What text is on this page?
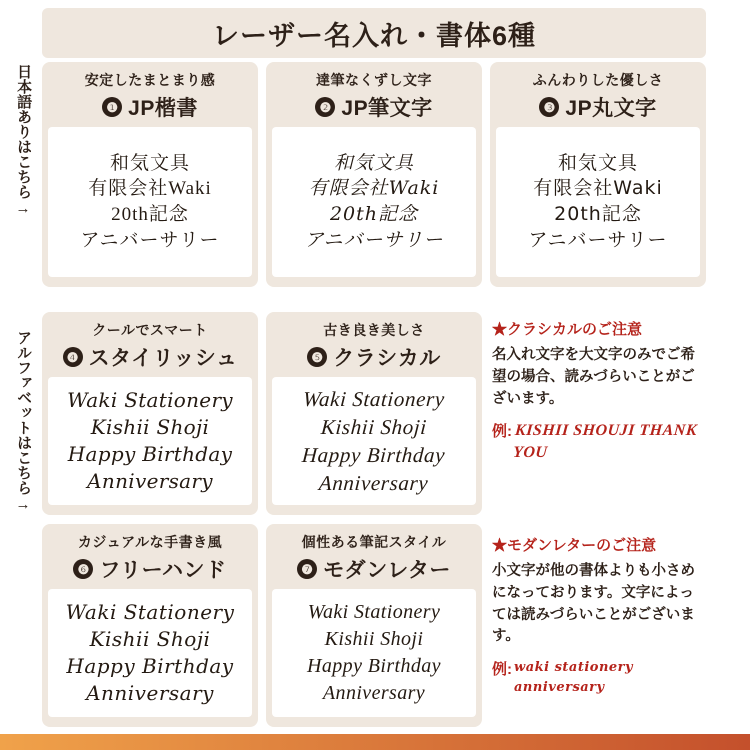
レーザー名入れ・書体6種
日本語ありはこちら
→
アルファベットはこちら
→
安定したまとまり感
❶ JP楷書
和気文具
有限会社Waki
20th記念
アニバーサリー
達筆なくずし文字
❷ JP筆文字
和気文具
有限会社Waki
20th記念
アニバーサリー
ふんわりした優しさ
❸ JP丸文字
和気文具
有限会社Waki
20th記念
アニバーサリー
クールでスマート
❹ スタイリッシュ
Waki Stationery
Kishii Shoji
Happy Birthday
Anniversary
古き良き美しさ
❺ クラシカル
Waki Stationery
Kishii Shoji
Happy Birthday
Anniversary
★クラシカルのご注意
名入れ文字を大文字のみでご希望の場合、読みづらいことがございます。
例: KISHII SHOUJI THANK YOU
カジュアルな手書き風
❻ フリーハンド
Waki Stationery
Kishii Shoji
Happy Birthday
Anniversary
個性ある筆記スタイル
❼ モダンレター
Waki Stationery
Kishii Shoji
Happy Birthday
Anniversary
★モダンレターのご注意
小文字が他の書体よりも小さめになっております。文字によっては読みづらいことがございます。
例: waki stationery anniversary
